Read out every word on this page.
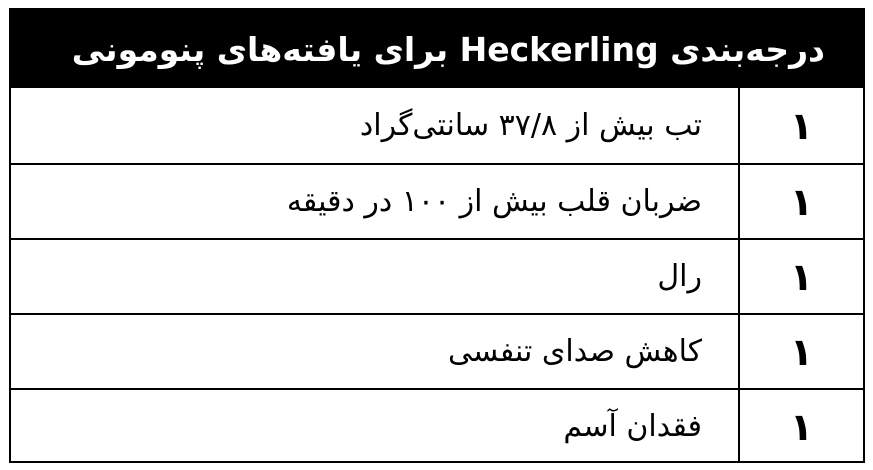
درجه‌بندی Heckerling برای یافته‌های پنومونی
۱
تب بیش از ۳۷/۸ سانتی‌گراد
۱
ضربان قلب بیش از ۱۰۰ در دقیقه
۱
رال
۱
کاهش صدای تنفسی
۱
فقدان آسم
